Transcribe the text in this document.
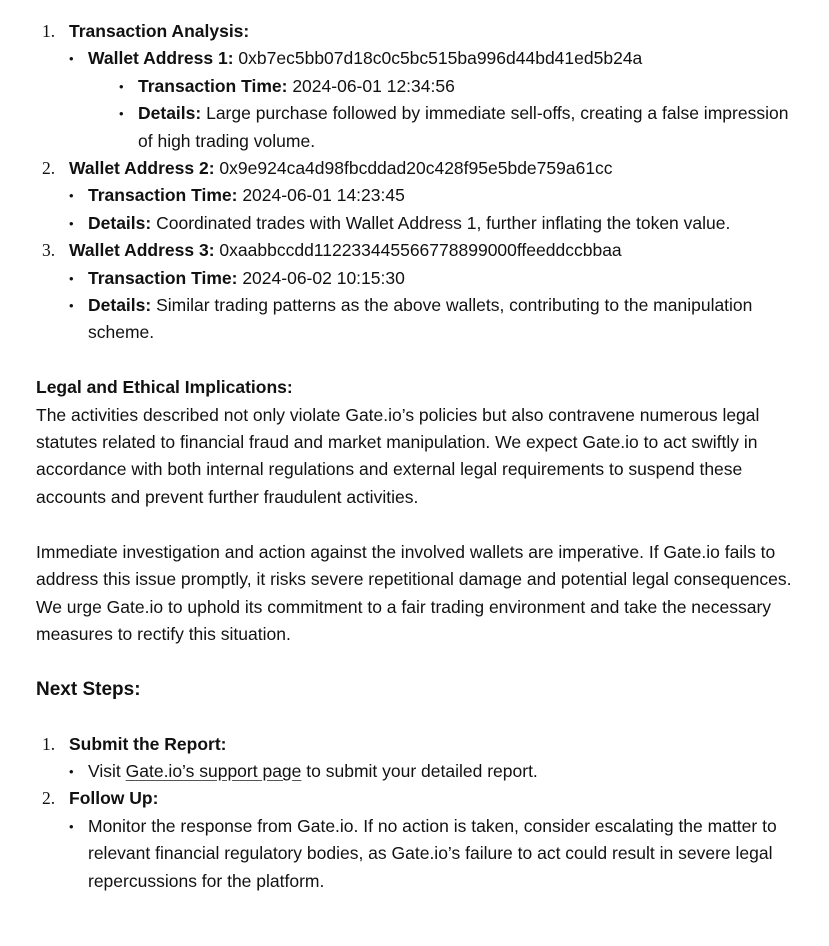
1. Transaction Analysis:
• Wallet Address 1: 0xb7ec5bb07d18c0c5bc515ba996d44bd41ed5b24a
• Transaction Time: 2024-06-01 12:34:56
• Details: Large purchase followed by immediate sell-offs, creating a false impression of high trading volume.
2. Wallet Address 2: 0x9e924ca4d98fbcddad20c428f95e5bde759a61cc
• Transaction Time: 2024-06-01 14:23:45
• Details: Coordinated trades with Wallet Address 1, further inflating the token value.
3. Wallet Address 3: 0xaabbccdd112233445566778899000ffeeddccbbaa
• Transaction Time: 2024-06-02 10:15:30
• Details: Similar trading patterns as the above wallets, contributing to the manipulation scheme.

Legal and Ethical Implications:

The activities described not only violate Gate.io’s policies but also contravene numerous legal statutes related to financial fraud and market manipulation. We expect Gate.io to act swiftly in accordance with both internal regulations and external legal requirements to suspend these accounts and prevent further fraudulent activities.

Immediate investigation and action against the involved wallets are imperative. If Gate.io fails to address this issue promptly, it risks severe repetitional damage and potential legal consequences. We urge Gate.io to uphold its commitment to a fair trading environment and take the necessary measures to rectify this situation.

Next Steps:

1. Submit the Report:
• Visit Gate.io’s support page to submit your detailed report.
2. Follow Up:
• Monitor the response from Gate.io. If no action is taken, consider escalating the matter to relevant financial regulatory bodies, as Gate.io’s failure to act could result in severe legal repercussions for the platform.
